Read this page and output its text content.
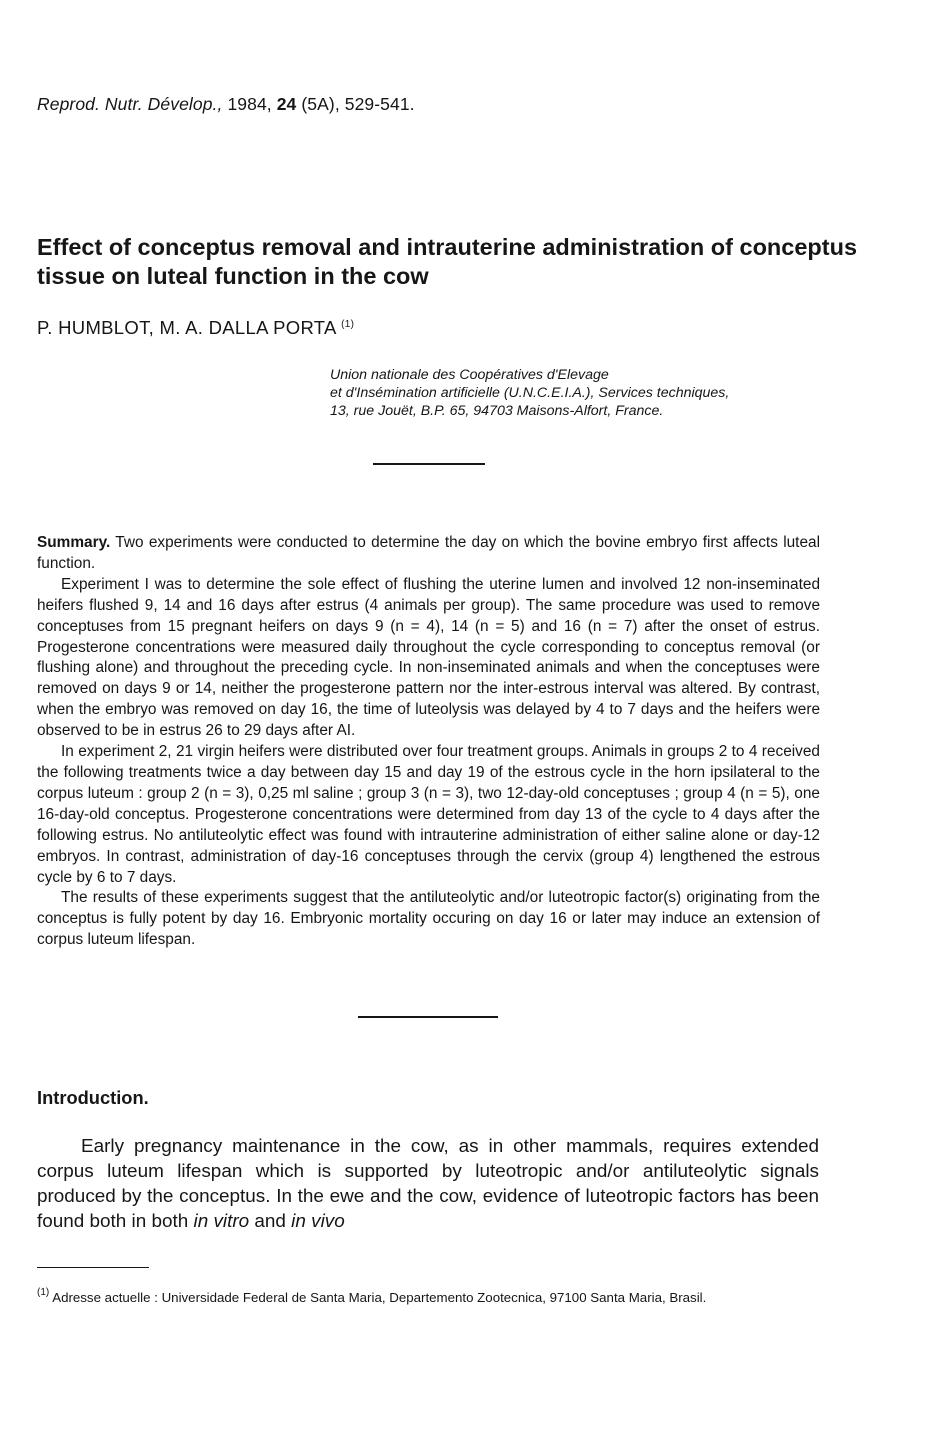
Reprod. Nutr. Dévelop., 1984, 24 (5A), 529-541.
Effect of conceptus removal and intrauterine administration of conceptus tissue on luteal function in the cow
P. HUMBLOT, M. A. DALLA PORTA $^{(1)}$
Union nationale des Coopératives d'Elevage
et d'Insémination artificielle (U.N.C.E.I.A.), Services techniques,
13, rue Jouët, B.P. 65, 94703 Maisons-Alfort, France.

Summary. Two experiments were conducted to determine the day on which the bovine embryo first affects luteal function.

Experiment I was to determine the sole effect of flushing the uterine lumen and involved 12 non-inseminated heifers flushed 9, 14 and 16 days after estrus (4 animals per group). The same procedure was used to remove conceptuses from 15 pregnant heifers on days 9 (n = 4), 14 (n = 5) and 16 (n = 7) after the onset of estrus. Progesterone concentrations were measured daily throughout the cycle corresponding to conceptus removal (or flushing alone) and throughout the preceding cycle. In non-inseminated animals and when the conceptuses were removed on days 9 or 14, neither the progesterone pattern nor the inter-estrous interval was altered. By contrast, when the embryo was removed on day 16, the time of luteolysis was delayed by 4 to 7 days and the heifers were observed to be in estrus 26 to 29 days after AI.

In experiment 2, 21 virgin heifers were distributed over four treatment groups. Animals in groups 2 to 4 received the following treatments twice a day between day 15 and day 19 of the estrous cycle in the horn ipsilateral to the corpus luteum : group 2 (n = 3), 0,25 ml saline ; group 3 (n = 3), two 12-day-old conceptuses ; group 4 (n = 5), one 16-day-old conceptus. Progesterone concentrations were determined from day 13 of the cycle to 4 days after the following estrus. No antiluteolytic effect was found with intrauterine administration of either saline alone or day-12 embryos. In contrast, administration of day-16 conceptuses through the cervix (group 4) lengthened the estrous cycle by 6 to 7 days.

The results of these experiments suggest that the antiluteolytic and/or luteotropic factor(s) originating from the conceptus is fully potent by day 16. Embryonic mortality occuring on day 16 or later may induce an extension of corpus luteum lifespan.

Introduction.

Early pregnancy maintenance in the cow, as in other mammals, requires extended corpus luteum lifespan which is supported by luteotropic and/or antiluteolytic signals produced by the conceptus. In the ewe and the cow, evidence of luteotropic factors has been found both in both in vitro and in vivo

$^{(1)}$ Adresse actuelle : Universidade Federal de Santa Maria, Departemento Zootecnica, 97100 Santa Maria, Brasil.
